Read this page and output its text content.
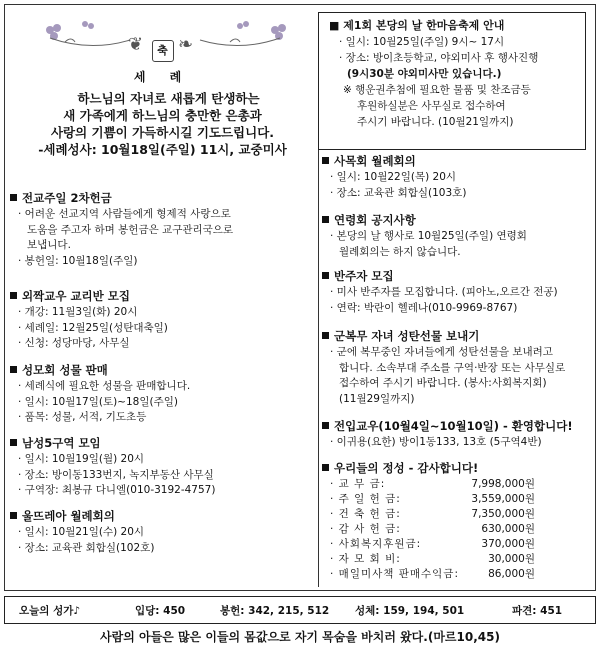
축
❦ ❧
세 례
하느님의 자녀로 새롭게 탄생하는
새 가족에게 하느님의 충만한 은총과
사랑의 기쁨이 가득하시길 기도드립니다.
-세례성사: 10월18일(주일) 11시, 교중미사
■ 제1회 본당의 날 한마음축제 안내
· 일시: 10월25일(주일) 9시~ 17시
· 장소: 방이초등학교, 야외미사 후 행사진행
(9시30분 야외미사만 있습니다.)
※ 행운권추첨에 필요한 물품 및 찬조금등
후원하실분은 사무실로 접수하여
주시기 바랍니다. (10월21일까지)
전교주일 2차헌금
· 어려운 선교지역 사람들에게 형제적 사랑으로
도움을 주고자 하며 봉헌금은 교구관리국으로
보냅니다.
· 봉헌일: 10월18일(주일)
외짝교우 교리반 모집
· 개강: 11월3일(화) 20시
· 세례일: 12월25일(성탄대축일)
· 신청: 성당마당, 사무실
성모회 성물 판매
· 세례식에 필요한 성물을 판매합니다.
· 일시: 10월17일(토)~18일(주일)
· 품목: 성물, 서적, 기도초등
남성5구역 모임
· 일시: 10월19일(월) 20시
· 장소: 방이동133번지, 녹지부동산 사무실
· 구역장: 최봉규 다니엘(010-3192-4757)
울뜨레아 월례회의
· 일시: 10월21일(수) 20시
· 장소: 교육관 회합실(102호)
사목회 월례회의
· 일시: 10월22일(목) 20시
· 장소: 교육관 회합실(103호)
연령회 공지사항
· 본당의 날 행사로 10월25일(주일) 연령회
월례회의는 하지 않습니다.
반주자 모집
· 미사 반주자를 모집합니다. (피아노,오르간 전공)
· 연락: 박란이 헬레나(010-9969-8767)
군복무 자녀 성탄선물 보내기
· 군에 복무중인 자녀들에게 성탄선물을 보내려고
합니다. 소속부대 주소를 구역·반장 또는 사무실로
접수하여 주시기 바랍니다. (봉사:사회복지회)
(11월29일까지)
전입교우(10월4일~10월10일) - 환영합니다!
· 이귀용(요한) 방이1동133, 13호 (5구역4반)
우리들의 정성 - 감사합니다!
· 교 무 금:	7,998,000원
· 주 일 헌 금:	3,559,000원
· 건 축 헌 금:	7,350,000원
· 감 사 헌 금:	630,000원
· 사회복지후원금:	370,000원
· 자 모 회 비:	30,000원
· 매일미사책 판매수익금:	86,000원
오늘의 성가♪	입당: 450	봉헌: 342, 215, 512 성체: 159, 194, 501	파견: 451
사람의 아들은 많은 이들의 몸값으로 자기 목숨을 바치러 왔다.(마르10,45)
